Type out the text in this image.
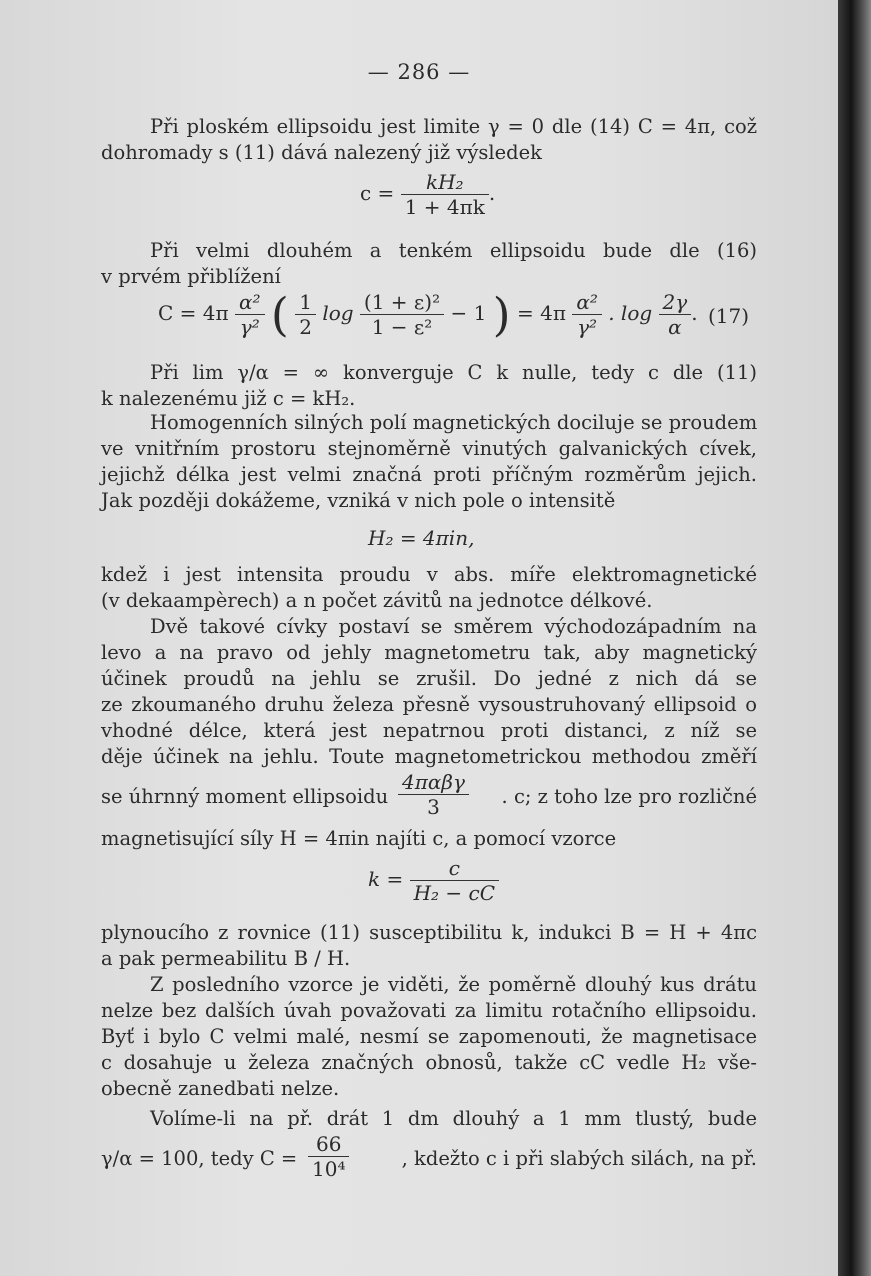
— 286 —
Při ploském ellipsoidu jest limite γ = 0 dle (14) C = 4π, což
dohromady s (11) dává nalezený již výsledek
$c = \frac{\text{kH₂}}{1 + 4\pi k}$ .
Při velmi dlouhém a tenkém ellipsoidu bude dle (16)
v prvém přiblížení
$C = 4\pi \frac{\text{α²}}{\text{γ²}}$ ( $\frac{1}{2}$ $\log \frac{\text{(1 + ε)²}}{\text{1 − ε²}} - 1$ ) = $4\pi \frac{\text{α²}}{\text{γ²}}$ . $\log \frac{2\gamma}{\alpha}$ . (17)
Při lim γ/α = ∞ konverguje C k nulle, tedy c dle (11)
k nalezenému již c = kH₂.
Homogenních silných polí magnetických dociluje se proudem
ve vnitřním prostoru stejnoměrně vinutých galvanických cívek,
jejichž délka jest velmi značná proti příčným rozměrům jejich.
Jak později dokážeme, vzniká v nich pole o intensitě
H₂ = 4πin,
kdež i jest intensita proudu v abs. míře elektromagnetické
(v dekaampèrech) a n počet závitů na jednotce délkové.
Dvě takové cívky postaví se směrem východozápadním na
levo a na pravo od jehly magnetometru tak, aby magnetický
účinek proudů na jehlu se zrušil. Do jedné z nich dá se
ze zkoumaného druhu železa přesně vysoustruhovaný ellipsoid o
vhodné délce, která jest nepatrnou proti distanci, z níž se
děje účinek na jehlu. Toute magnetometrickou methodou změří
se úhrnný moment ellipsoidu $\frac{\text{4παβγ}}{3}$	. c; z toho lze pro rozličné
magnetisující síly H = 4πin najíti c, a pomocí vzorce
$k = \frac{c}{\text{H₂ − cC}}$
plynoucího z rovnice (11) susceptibilitu k, indukci B = H + 4πc
a pak permeabilitu B / H.
Z posledního vzorce je viděti, že poměrně dlouhý kus drátu
nelze bez dalších úvah považovati za limitu rotačního ellipsoidu.
Byť i bylo C velmi malé, nesmí se zapomenouti, že magnetisace
c dosahuje u železa značných obnosů, takže cC vedle H₂ vše-
obecně zanedbati nelze.
Volíme-li na př. drát 1 dm dlouhý a 1 mm tlustý, bude
γ/α = 100, tedy $C = \frac{66}{\text{10⁴}}$	, kdežto c i při slabých silách, na př.
